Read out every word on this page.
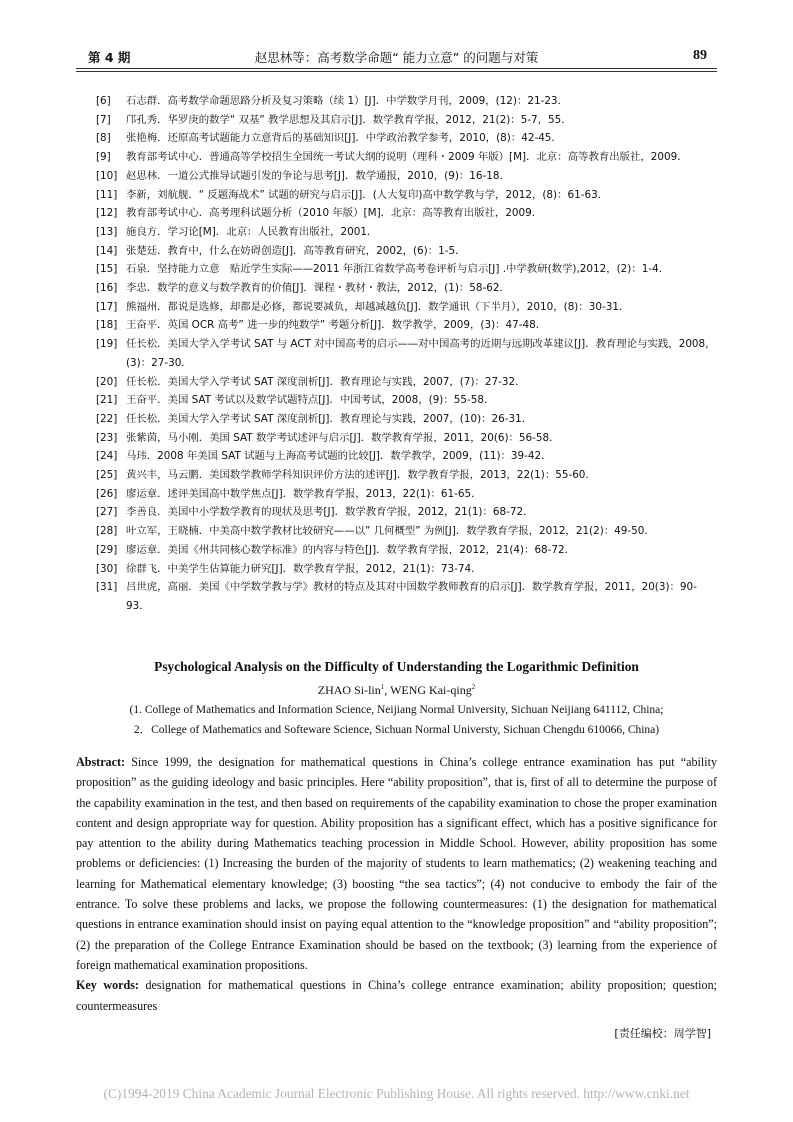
第 4 期	赵思林等：高考数学命题“ 能力立意” 的问题与对策	89
[6]	石志群．高考数学命题思路分析及复习策略（续 1）[J]．中学数学月刊，2009，(12)：21-23．
[7]	邝孔秀．华罗庚的数学“ 双基” 教学思想及其启示[J]．数学教育学报，2012，21(2)：5-7，55．
[8]	张艳梅．还原高考试题能力立意背后的基础知识[J]．中学政治教学参考，2010，(8)：42-45．
[9]	教育部考试中心．普通高等学校招生全国统一考试大纲的说明（理科・2009 年版）[M]．北京：高等教育出版社，2009．
[10] 赵思林．一道公式推导试题引发的争论与思考[J]．数学通报，2010，(9)：16-18．
[11] 李新，刘航舰．“ 反题海战术” 试题的研究与启示[J]．(人大复印)高中数学教与学，2012，(8)：61-63．
[12] 教育部考试中心．高考理科试题分析（2010 年版）[M]．北京：高等教育出版社，2009．
[13] 施良方．学习论[M]．北京：人民教育出版社，2001．
[14] 张楚廷．教育中，什么在妨碍创造[J]．高等教育研究，2002，(6)：1-5．
[15] 石泉．坚持能力立意　贴近学生实际——2011 年浙江省数学高考卷评析与启示[J] .中学教研(数学),2012，(2)：1-4．
[16] 李忠．数学的意义与数学教育的价值[J]．课程・教材・教法，2012，(1)：58-62．
[17] 熊福州．都说是选修，却都是必修，都说要减负，却越减越负[J]．数学通讯（下半月），2010，(8)：30-31．
[18] 王奋平．英国 OCR 高考” 进一步的纯数学” 考题分析[J]．数学教学，2009，(3)：47-48．
[19] 任长松．美国大学入学考试 SAT 与 ACT 对中国高考的启示——对中国高考的近期与远期改革建议[J]．教育理论与实践，2008，(3)：27-30．
[20] 任长松．美国大学入学考试 SAT 深度剖析[J]．教育理论与实践，2007，(7)：27-32．
[21] 王奋平．美国 SAT 考试以及数学试题特点[J]．中国考试，2008，(9)：55-58．
[22] 任长松．美国大学入学考试 SAT 深度剖析[J]．教育理论与实践，2007，(10)：26-31．
[23] 张紫茵，马小刚．美国 SAT 数学考试述评与启示[J]．数学教育学报，2011，20(6)：56-58．
[24] 马玮．2008 年美国 SAT 试题与上海高考试题的比较[J]．数学教学，2009，(11)：39-42．
[25] 黄兴丰，马云鹏．美国数学教师学科知识评价方法的述评[J]．数学教育学报，2013，22(1)：55-60．
[26] 廖运章．述评美国高中数学焦点[J]．数学教育学报，2013，22(1)：61-65．
[27] 李善良．美国中小学数学教育的现状及思考[J]．数学教育学报，2012，21(1)：68-72．
[28] 叶立军，王晓楠．中美高中数学教材比较研究——以” 几何概型” 为例[J]．数学教育学报，2012，21(2)：49-50．
[29] 廖运章．美国《州共同核心数学标准》的内容与特色[J]．数学教育学报，2012，21(4)：68-72．
[30] 徐群飞．中美学生估算能力研究[J]．数学教育学报，2012，21(1)：73-74．
[31] 吕世虎，高丽．美国《中学数学教与学》教材的特点及其对中国数学教师教育的启示[J]．数学教育学报，2011，20(3)：90-93．
Psychological Analysis on the Difficulty of Understanding the Logarithmic Definition
ZHAO Si-lin$^1$, WENG Kai-qing$^2$
(1. College of Mathematics and Information Science, Neijiang Normal University, Sichuan Neijiang 641112, China;
2．College of Mathematics and Softeware Science, Sichuan Normal Universty, Sichuan Chengdu 610066, China)
Abstract: Since 1999, the designation for mathematical questions in China’s college entrance examination has put “ability proposition” as the guiding ideology and basic principles. Here “ability proposition”, that is, first of all to determine the purpose of the capability examination in the test, and then based on requirements of the capability examination to chose the proper examination content and design appropriate way for question. Ability proposition has a significant effect, which has a positive significance for pay attention to the ability during Mathematics teaching procession in Middle School. However, ability proposition has some problems or deficiencies: (1) Increasing the burden of the majority of students to learn mathematics; (2) weakening teaching and learning for Mathematical elementary knowledge; (3) boosting “the sea tactics”; (4) not conducive to embody the fair of the entrance. To solve these problems and lacks, we propose the following countermeasures: (1) the designation for mathematical questions in entrance examination should insist on paying equal attention to the “knowledge proposition” and “ability proposition”; (2) the preparation of the College Entrance Examination should be based on the textbook; (3) learning from the experience of foreign mathematical examination propositions.
Key words: designation for mathematical questions in China’s college entrance examination; ability proposition; question; countermeasures
[责任编校：周学智]
(C)1994-2019 China Academic Journal Electronic Publishing House. All rights reserved. http://www.cnki.net
